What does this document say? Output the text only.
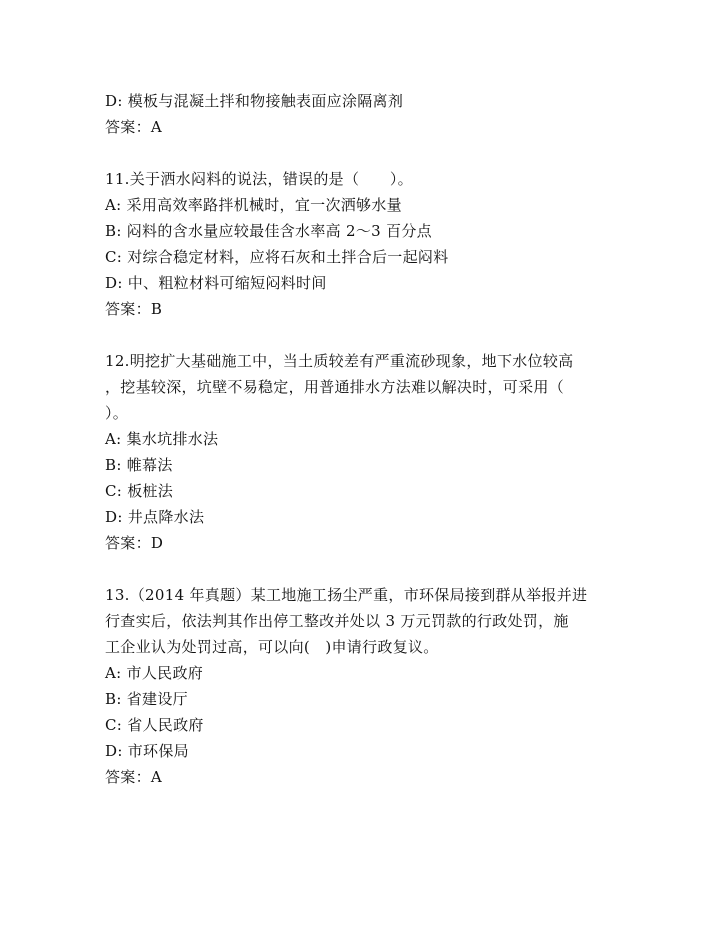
D: 模板与混凝土拌和物接触表面应涂隔离剂
答案：A
11.关于洒水闷料的说法，错误的是（　　）。
A: 采用高效率路拌机械时，宜一次洒够水量
B: 闷料的含水量应较最佳含水率高 2～3 百分点
C: 对综合稳定材料，应将石灰和土拌合后一起闷料
D: 中、粗粒材料可缩短闷料时间
答案：B
12.明挖扩大基础施工中，当土质较差有严重流砂现象，地下水位较高
，挖基较深，坑壁不易稳定，用普通排水方法难以解决时，可采用（
）。
A: 集水坑排水法
B: 帷幕法
C: 板桩法
D: 井点降水法
答案：D
13.（2014 年真题）某工地施工扬尘严重，市环保局接到群从举报并进
行查实后，依法判其作出停工整改并处以 3 万元罚款的行政处罚，施
工企业认为处罚过高，可以向(　)申请行政复议。
A: 市人民政府
B: 省建设厅
C: 省人民政府
D: 市环保局
答案：A
